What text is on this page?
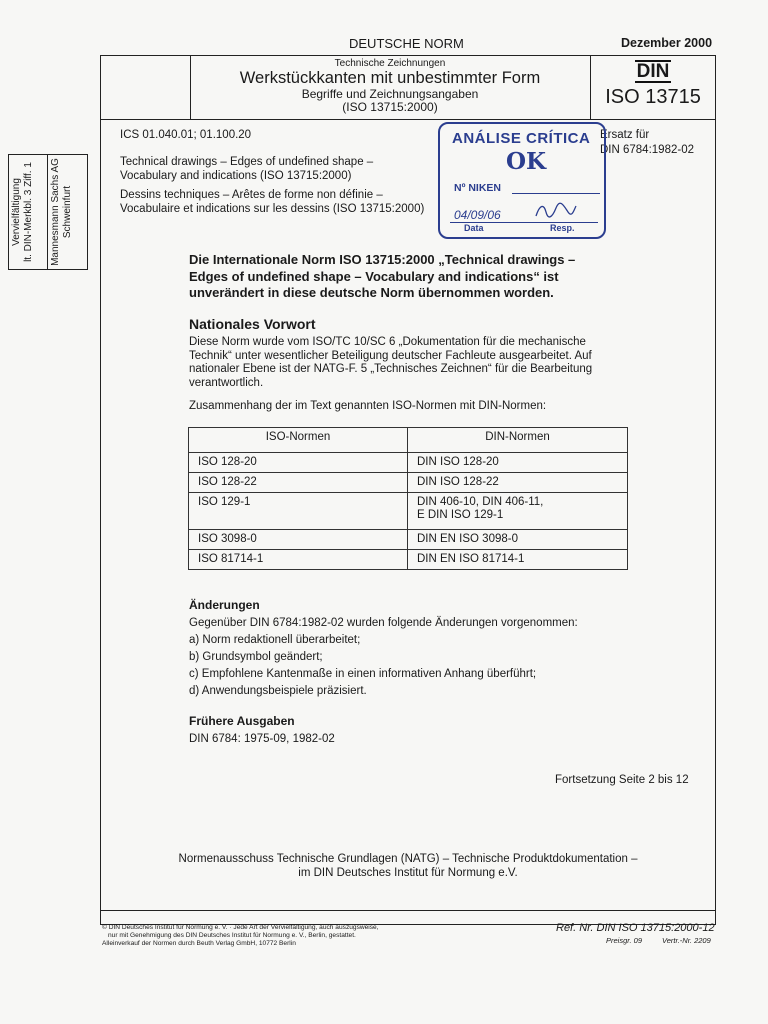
Vervielfältigung lt. DIN-Merkbl. 3 Ziff. 1 Mannesmann Sachs AG Schweinfurt
DEUTSCHE NORM	Dezember 2000
Technische Zeichnungen
Werkstückkanten mit unbestimmter Form
Begriffe und Zeichnungsangaben
(ISO 13715:2000)
DIN
ISO 13715
ICS 01.040.01; 01.100.20	Ersatz für
DIN 6784:1982-02
Technical drawings – Edges of undefined shape –
Vocabulary and indications (ISO 13715:2000)
Dessins techniques – Arêtes de forme non définie –
Vocabulaire et indications sur les dessins (ISO 13715:2000)
ANÁLISE CRÍTICA
OK
Nº NIKEN
04/09/06
Data	Resp.
Die Internationale Norm ISO 13715:2000 „Technical drawings –
Edges of undefined shape – Vocabulary and indications“ ist
unverändert in diese deutsche Norm übernommen worden.
Nationales Vorwort
Diese Norm wurde vom ISO/TC 10/SC 6 „Dokumentation für die mechanische
Technik“ unter wesentlicher Beteiligung deutscher Fachleute ausgearbeitet. Auf
nationaler Ebene ist der NATG-F. 5 „Technisches Zeichnen“ für die Bearbeitung
verantwortlich.
Zusammenhang der im Text genannten ISO-Normen mit DIN-Normen:
ISO-Normen	DIN-Normen
ISO 128-20	DIN ISO 128-20
ISO 128-22	DIN ISO 128-22
ISO 129-1	DIN 406-10, DIN 406-11,
E DIN ISO 129-1

ISO 3098-0	DIN EN ISO 3098-0
ISO 81714-1	DIN EN ISO 81714-1
Änderungen
Gegenüber DIN 6784:1982-02 wurden folgende Änderungen vorgenommen:
a) Norm redaktionell überarbeitet;
b) Grundsymbol geändert;
c) Empfohlene Kantenmaße in einen informativen Anhang überführt;
d) Anwendungsbeispiele präzisiert.
Frühere Ausgaben
DIN 6784: 1975-09, 1982-02
Fortsetzung Seite 2 bis 12
Normenausschuss Technische Grundlagen (NATG) – Technische Produktdokumentation –
im DIN Deutsches Institut für Normung e.V.
© DIN Deutsches Institut für Normung e. V. · Jede Art der Vervielfältigung, auch auszugsweise,
nur mit Genehmigung des DIN Deutsches Institut für Normung e. V., Berlin, gestattet.
Alleinverkauf der Normen durch Beuth Verlag GmbH, 10772 Berlin
Ref. Nr. DIN ISO 13715:2000-12
Preisgr. 09	Vertr.-Nr. 2209
